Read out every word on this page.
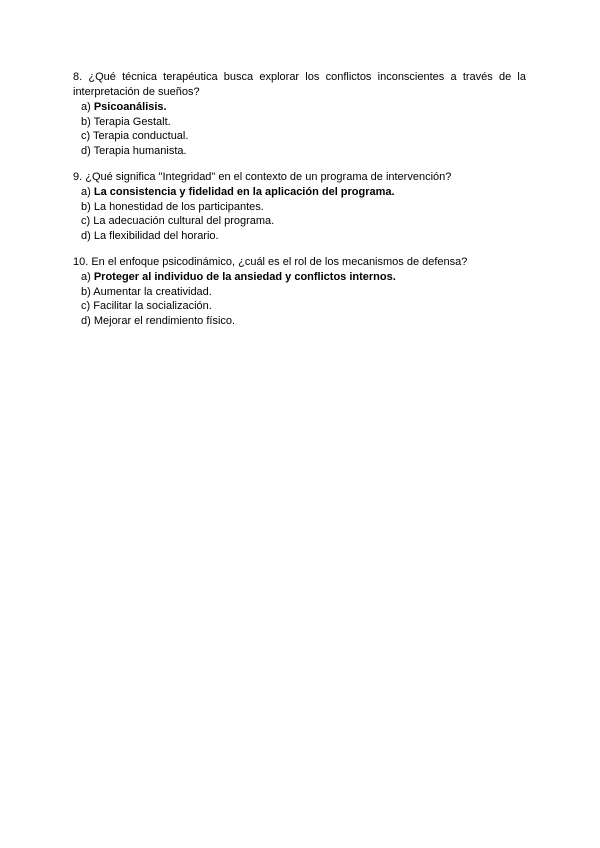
8. ¿Qué técnica terapéutica busca explorar los conflictos inconscientes a través de la interpretación de sueños?

a) Psicoanálisis.
b) Terapia Gestalt.
c) Terapia conductual.
d) Terapia humanista.

9. ¿Qué significa "Integridad" en el contexto de un programa de intervención?

a) La consistencia y fidelidad en la aplicación del programa.
b) La honestidad de los participantes.
c) La adecuación cultural del programa.
d) La flexibilidad del horario.

10. En el enfoque psicodinámico, ¿cuál es el rol de los mecanismos de defensa?

a) Proteger al individuo de la ansiedad y conflictos internos.
b) Aumentar la creatividad.
c) Facilitar la socialización.
d) Mejorar el rendimiento físico.
